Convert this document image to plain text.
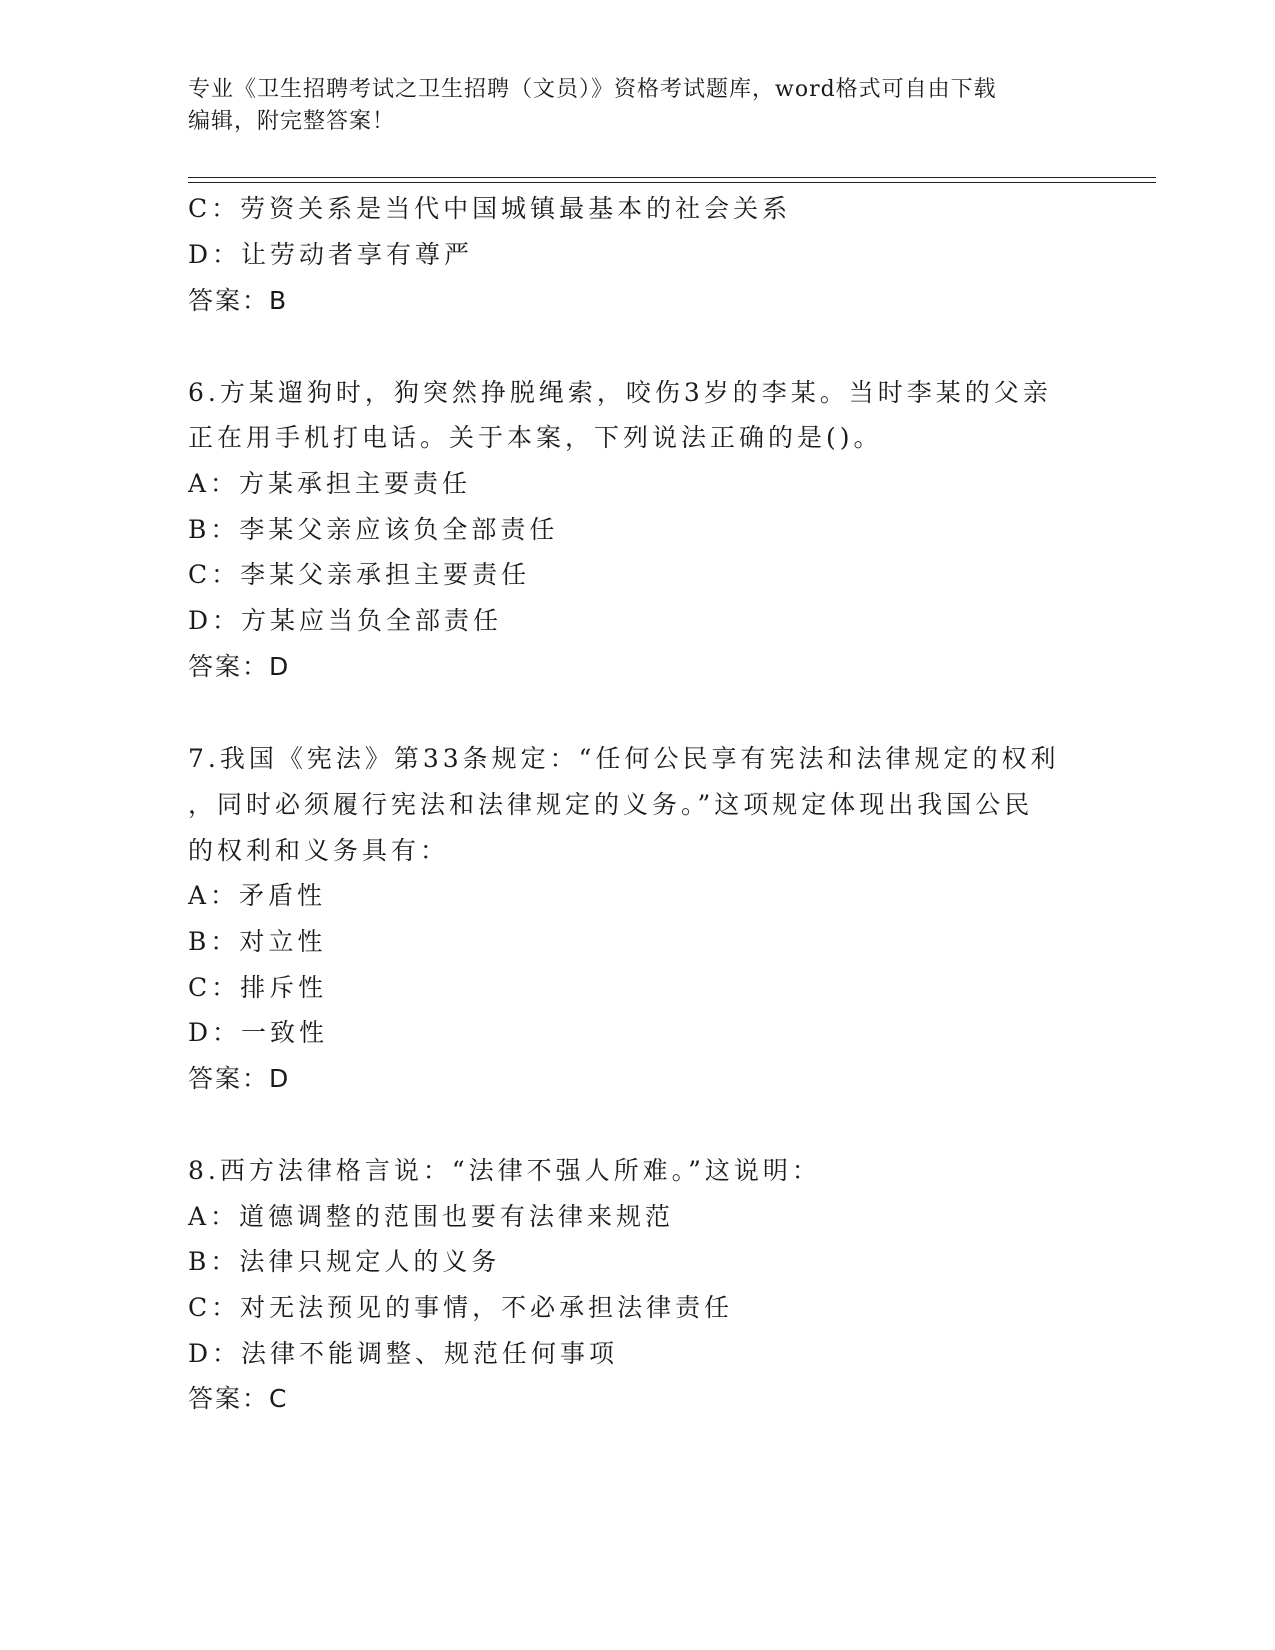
专业《卫生招聘考试之卫生招聘（文员）》资格考试题库，word格式可自由下载
编辑，附完整答案！
C：劳资关系是当代中国城镇最基本的社会关系
D：让劳动者享有尊严
答案：B
6.方某遛狗时，狗突然挣脱绳索，咬伤3岁的李某。当时李某的父亲
正在用手机打电话。关于本案，下列说法正确的是()。
A：方某承担主要责任
B：李某父亲应该负全部责任
C：李某父亲承担主要责任
D：方某应当负全部责任
答案：D
7.我国《宪法》第33条规定：“任何公民享有宪法和法律规定的权利
，同时必须履行宪法和法律规定的义务。”这项规定体现出我国公民
的权利和义务具有：
A：矛盾性
B：对立性
C：排斥性
D：一致性
答案：D
8.西方法律格言说：“法律不强人所难。”这说明：
A：道德调整的范围也要有法律来规范
B：法律只规定人的义务
C：对无法预见的事情，不必承担法律责任
D：法律不能调整、规范任何事项
答案：C
